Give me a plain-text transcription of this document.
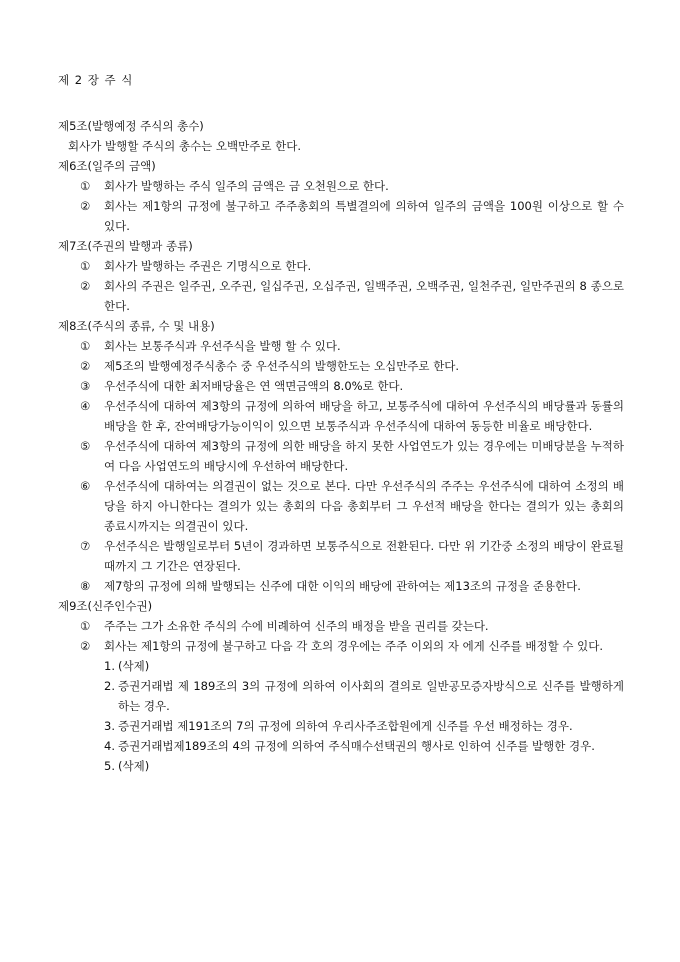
제 2 장 주 식

제5조(발행예정 주식의 총수)

회사가 발행할 주식의 총수는 오백만주로 한다.

제6조(일주의 금액)

①	회사가 발행하는 주식 일주의 금액은 금 오천원으로 한다.

②	회사는 제1항의 규정에 불구하고 주주총회의 특별결의에 의하여 일주의 금액을 100원 이상으로 할 수 있다.

제7조(주권의 발행과 종류)

①	회사가 발행하는 주권은 기명식으로 한다.

②	회사의 주권은 일주권, 오주권, 일십주권, 오십주권, 일백주권, 오백주권, 일천주권, 일만주권의 8 종으로 한다.

제8조(주식의 종류, 수 및 내용)

①	회사는 보통주식과 우선주식을 발행 할 수 있다.

②	제5조의 발행예정주식총수 중 우선주식의 발행한도는 오십만주로 한다.

③	우선주식에 대한 최저배당율은 연 액면금액의 8.0%로 한다.

④	우선주식에 대하여 제3항의 규정에 의하여 배당을 하고, 보통주식에 대하여 우선주식의 배당률과 동률의 배당을 한 후, 잔여배당가능이익이 있으면 보통주식과 우선주식에 대하여 동등한 비율로 배당한다.

⑤	우선주식에 대하여 제3항의 규정에 의한 배당을 하지 못한 사업연도가 있는 경우에는 미배당분을 누적하여 다음 사업연도의 배당시에 우선하여 배당한다.

⑥	우선주식에 대하여는 의결권이 없는 것으로 본다. 다만 우선주식의 주주는 우선주식에 대하여 소정의 배당을 하지 아니한다는 결의가 있는 총회의 다음 총회부터 그 우선적 배당을 한다는 결의가 있는 총회의 종료시까지는 의결권이 있다.

⑦	우선주식은 발행일로부터 5년이 경과하면 보통주식으로 전환된다. 다만 위 기간중 소정의 배당이 완료될 때까지 그 기간은 연장된다.

⑧	제7항의 규정에 의해 발행되는 신주에 대한 이익의 배당에 관하여는 제13조의 규정을 준용한다.

제9조(신주인수권)

①	주주는 그가 소유한 주식의 수에 비례하여 신주의 배정을 받을 권리를 갖는다.

②	회사는 제1항의 규정에 불구하고 다음 각 호의 경우에는 주주 이외의 자 에게 신주를 배정할 수 있다.

1. (삭제)

2. 증권거래법 제 189조의 3의 규정에 의하여 이사회의 결의로 일반공모증자방식으로 신주를 발행하게 하는 경우.

3. 증권거래법 제191조의 7의 규정에 의하여 우리사주조합원에게 신주를 우선 배정하는 경우.

4. 증권거래법제189조의 4의 규정에 의하여 주식매수선택권의 행사로 인하여 신주를 발행한 경우.

5. (삭제)
